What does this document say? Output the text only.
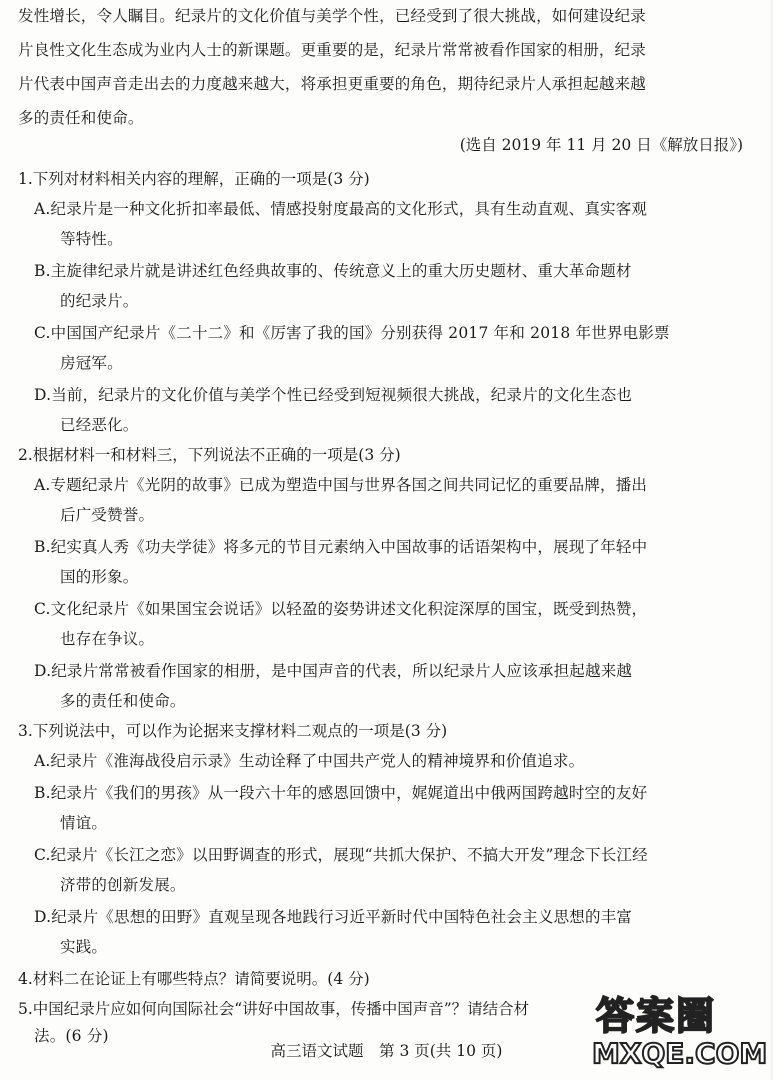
发性增长，令人瞩目。纪录片的文化价值与美学个性，已经受到了很大挑战，如何建设纪录
片良性文化生态成为业内人士的新课题。更重要的是，纪录片常常被看作国家的相册，纪录
片代表中国声音走出去的力度越来越大，将承担更重要的角色，期待纪录片人承担起越来越
多的责任和使命。
(选自 2019 年 11 月 20 日《解放日报》)
1.下列对材料相关内容的理解，正确的一项是(3 分)
A.纪录片是一种文化折扣率最低、情感投射度最高的文化形式，具有生动直观、真实客观
等特性。
B.主旋律纪录片就是讲述红色经典故事的、传统意义上的重大历史题材、重大革命题材
的纪录片。
C.中国国产纪录片《二十二》和《厉害了我的国》分别获得 2017 年和 2018 年世界电影票
房冠军。
D.当前，纪录片的文化价值与美学个性已经受到短视频很大挑战，纪录片的文化生态也
已经恶化。
2.根据材料一和材料三，下列说法不正确的一项是(3 分)
A.专题纪录片《光阴的故事》已成为塑造中国与世界各国之间共同记忆的重要品牌，播出
后广受赞誉。
B.纪实真人秀《功夫学徒》将多元的节目元素纳入中国故事的话语架构中，展现了年轻中
国的形象。
C.文化纪录片《如果国宝会说话》以轻盈的姿势讲述文化积淀深厚的国宝，既受到热赞，
也存在争议。
D.纪录片常常被看作国家的相册，是中国声音的代表，所以纪录片人应该承担起越来越
多的责任和使命。
3.下列说法中，可以作为论据来支撑材料二观点的一项是(3 分)
A.纪录片《淮海战役启示录》生动诠释了中国共产党人的精神境界和价值追求。
B.纪录片《我们的男孩》从一段六十年的感恩回馈中，娓娓道出中俄两国跨越时空的友好
情谊。
C.纪录片《长江之恋》以田野调查的形式，展现“共抓大保护、不搞大开发”理念下长江经
济带的创新发展。
D.纪录片《思想的田野》直观呈现各地践行习近平新时代中国特色社会主义思想的丰富
实践。
4.材料二在论证上有哪些特点？请简要说明。(4 分)
5.中国纪录片应如何向国际社会“讲好中国故事，传播中国声音”？请结合材
法。(6 分)
高三语文试题　第 3 页(共 10 页)
答案圈
MXQE.COM
